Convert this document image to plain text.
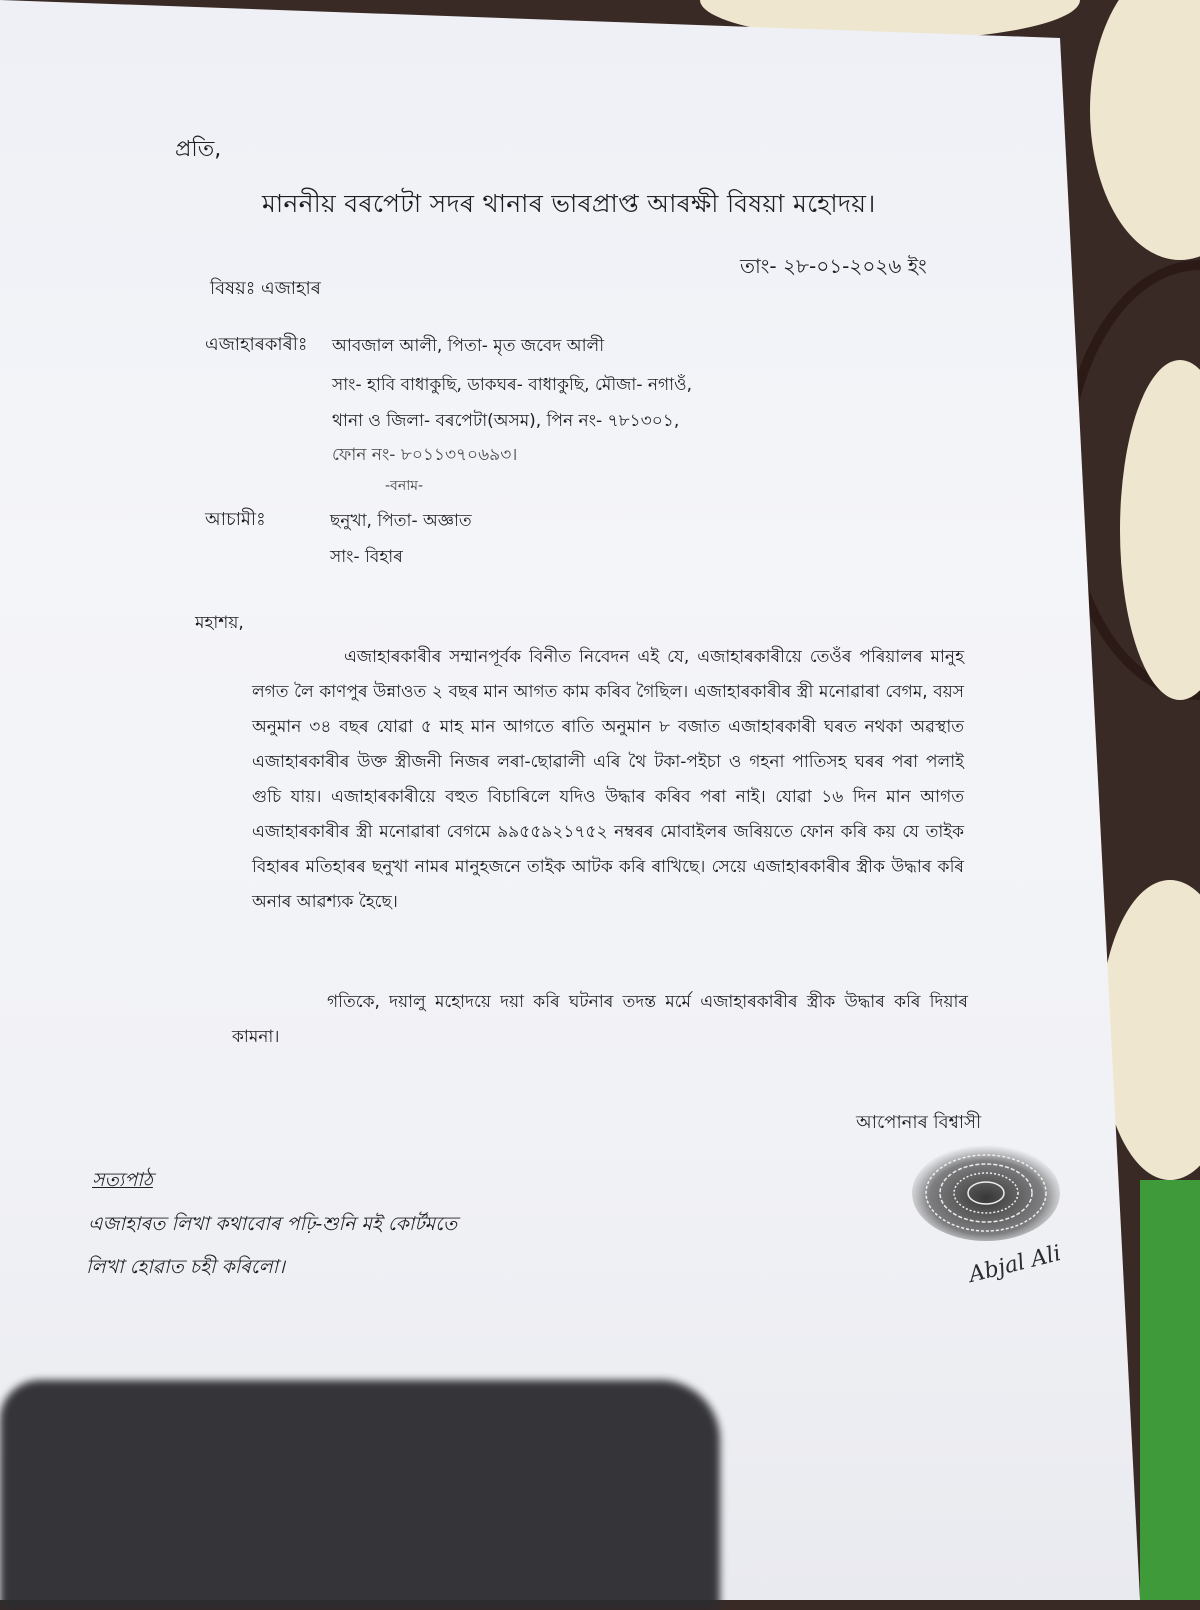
প্ৰতি,
মাননীয় বৰপেটা সদৰ থানাৰ ভাৰপ্ৰাপ্ত আৰক্ষী বিষয়া মহোদয়।
তাং- ২৮-০১-২০২৬ ইং
বিষয়ঃ এজাহাৰ
এজাহাৰকাৰীঃ আবজাল আলী, পিতা- মৃত জবেদ আলী
সাং- হাবি বাধাকুছি, ডাকঘৰ- বাধাকুছি, মৌজা- নগাওঁ,
থানা ও জিলা- বৰপেটা(অসম), পিন নং- ৭৮১৩০১,
ফোন নং- ৮০১১৩৭০৬৯৩।
-বনাম-
আচামীঃ	ছনুখা, পিতা- অজ্ঞাত
সাং- বিহাৰ
মহাশয়,
এজাহাৰকাৰীৰ সম্মানপূৰ্বক বিনীত নিবেদন এই যে, এজাহাৰকাৰীয়ে তেওঁৰ পৰিয়ালৰ মানুহ লগত লৈ কাণপুৰ উন্নাওত ২ বছৰ মান আগত কাম কৰিব গৈছিল। এজাহাৰকাৰীৰ স্ত্ৰী মনোৱাৰা বেগম, বয়স অনুমান ৩৪ বছৰ যোৱা ৫ মাহ মান আগতে ৰাতি অনুমান ৮ বজাত এজাহাৰকাৰী ঘৰত নথকা অৱস্থাত এজাহাৰকাৰীৰ উক্ত স্ত্ৰীজনী নিজৰ লৰা-ছোৱালী এৰি থৈ টকা-পইচা ও গহনা পাতিসহ ঘৰৰ পৰা পলাই গুচি যায়। এজাহাৰকাৰীয়ে বহুত বিচাৰিলে যদিও উদ্ধাৰ কৰিব পৰা নাই। যোৱা ১৬ দিন মান আগত এজাহাৰকাৰীৰ স্ত্ৰী মনোৱাৰা বেগমে ৯৯৫৫৯২১৭৫২ নম্বৰৰ মোবাইলৰ জৰিয়তে ফোন কৰি কয় যে তাইক বিহাৰৰ মতিহাৰৰ ছনুখা নামৰ মানুহজনে তাইক আটক কৰি ৰাখিছে। সেয়ে এজাহাৰকাৰীৰ স্ত্ৰীক উদ্ধাৰ কৰি অনাৰ আৱশ্যক হৈছে।
গতিকে, দয়ালু মহোদয়ে দয়া কৰি ঘটনাৰ তদন্ত মৰ্মে এজাহাৰকাৰীৰ স্ত্ৰীক উদ্ধাৰ কৰি দিয়াৰ কামনা।
আপোনাৰ বিশ্বাসী
Abjal Ali
সত্যপাঠ
এজাহাৰত লিখা কথাবোৰ পঢ়ি-শুনি মই কোৰ্টমতে
লিখা হোৱাত চহী কৰিলো।
